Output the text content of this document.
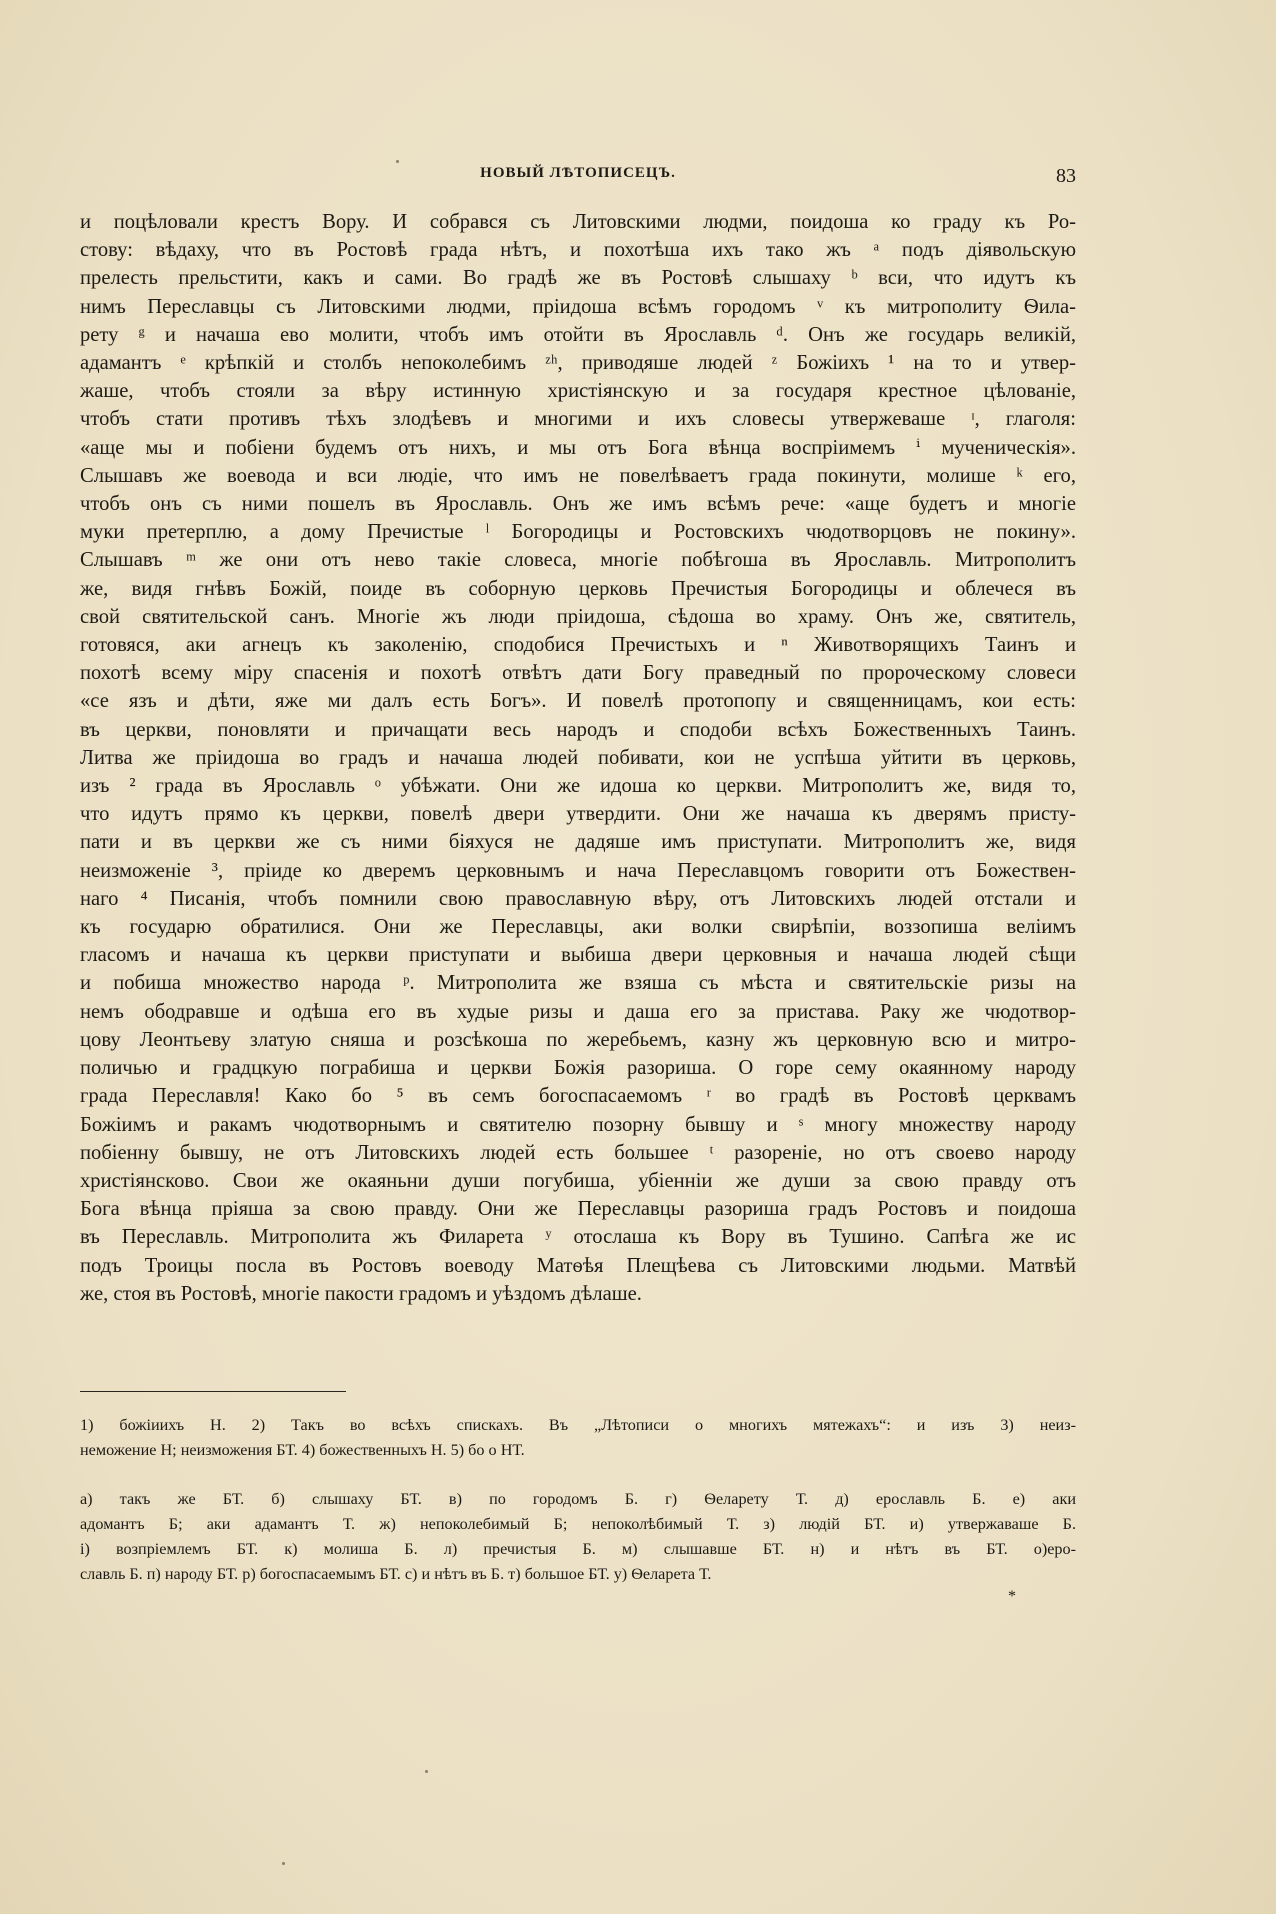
НОВЫЙ ЛѢТОПИСЕЦЪ.	83
и поцѣловали крестъ Вору. И собрався съ Литовскими людми, поидоша ко граду къ Ро-
стову: вѣдаху, что въ Ростовѣ града нѣтъ, и похотѣша ихъ тако жъ ᵃ подъ діявольскую
прелесть прельстити, какъ и сами. Во градѣ же въ Ростовѣ слышаху ᵇ вси, что идутъ къ
нимъ Переславцы съ Литовскими людми, пріидоша всѣмъ городомъ ᵛ къ митрополиту Ѳила-
рету ᵍ и начаша ево молити, чтобъ имъ отойти въ Ярославль ᵈ. Онъ же государь великій,
адамантъ ᵉ крѣпкій и столбъ непоколебимъ ᶻʰ, приводяше людей ᶻ Божіихъ ¹ на то и утвер-
жаше, чтобъ стояли за вѣру истинную христіянскую и за государя крестное цѣлованіе,
чтобъ стати противъ тѣхъ злодѣевъ и многими и ихъ словесы утвержеваше ᶦ, глаголя:
«аще мы и побіени будемъ отъ нихъ, и мы отъ Бога вѣнца воспріимемъ ⁱ мученическія».
Слышавъ же воевода и вси людіе, что имъ не повелѣваетъ града покинути, молише ᵏ его,
чтобъ онъ съ ними пошелъ въ Ярославль. Онъ же имъ всѣмъ рече: «аще будетъ и многіе
муки претерплю, а дому Пречистые ˡ Богородицы и Ростовскихъ чюдотворцовъ не покину».
Слышавъ ᵐ же они отъ нево такіе словеса, многіе побѣгоша въ Ярославль. Митрополитъ
же, видя гнѣвъ Божій, поиде въ соборную церковь Пречистыя Богородицы и облечеся въ
свой святительской санъ. Многіе жъ люди пріидоша, сѣдоша во храму. Онъ же, святитель,
готовяся, аки агнецъ къ заколенію, сподобися Пречистыхъ и ⁿ Животворящихъ Таинъ и
похотѣ всему міру спасенія и похотѣ отвѣтъ дати Богу праведный по пророческому словеси
«се язъ и дѣти, яже ми далъ есть Богъ». И повелѣ протопопу и священницамъ, кои есть:
въ церкви, поновляти и причащати весь народъ и сподоби всѣхъ Божественныхъ Таинъ.
Литва же пріидоша во градъ и начаша людей побивати, кои не успѣша уйтити въ церковь,
изъ ² града въ Ярославль ᵒ убѣжати. Они же идоша ко церкви. Митрополитъ же, видя то,
что идутъ прямо къ церкви, повелѣ двери утвердити. Они же начаша къ дверямъ присту-
пати и въ церкви же съ ними біяхуся не дадяше имъ приступати. Митрополитъ же, видя
неизможеніе ³, пріиде ко дверемъ церковнымъ и нача Переславцомъ говорити отъ Божествен-
наго ⁴ Писанія, чтобъ помнили свою православную вѣру, отъ Литовскихъ людей отстали и
къ государю обратилися. Они же Переславцы, аки волки свирѣпіи, воззопиша веліимъ
гласомъ и начаша къ церкви приступати и выбиша двери церковныя и начаша людей сѣщи
и побиша множество народа ᵖ. Митрополита же взяша съ мѣста и святительскіе ризы на
немъ ободравше и одѣша его въ худые ризы и даша его за пристава. Раку же чюдотвор-
цову Леонтьеву златую сняша и розсѣкоша по жеребьемъ, казну жъ церковную всю и митро-
поличью и градцкую пограбиша и церкви Божія разориша. О горе сему окаянному народу
града Переславля! Како бо ⁵ въ семъ богоспасаемомъ ʳ во градѣ въ Ростовѣ церквамъ
Божіимъ и ракамъ чюдотворнымъ и святителю позорну бывшу и ˢ многу множеству народу
побіенну бывшу, не отъ Литовскихъ людей есть большее ᵗ разореніе, но отъ своево народу
христіянсково. Свои же окаяньни души погубиша, убіенніи же души за свою правду отъ
Бога вѣнца пріяша за свою правду. Они же Переславцы разориша градъ Ростовъ и поидоша
въ Переславль. Митрополита жъ Филарета ʸ отослаша къ Вору въ Тушино. Сапѣга же ис
подъ Троицы посла въ Ростовъ воеводу Матѳѣя Плещѣева съ Литовскими людьми. Матвѣй
же, стоя въ Ростовѣ, многіе пакости градомъ и уѣздомъ дѣлаше.
1) божіиихъ Н. 2) Такъ во всѣхъ спискахъ. Въ „Лѣтописи о многихъ мятежахъ“: и изъ 3) неиз-
неможение Н; неизможения БТ. 4) божественныхъ Н. 5) бо о НТ.
а) такъ же БТ. б) слышаху БТ. в) по городомъ Б. г) Ѳеларету Т. д) ерославль Б. е) аки
адомантъ Б; аки адамантъ Т. ж) непоколебимый Б; непоколѣбимый Т. з) людій БТ. и) утвержаваше Б.
і) возпріемлемъ БТ. к) молиша Б. л) пречистыя Б. м) слышавше БТ. н) и нѣтъ въ БТ. о)еро-
славль Б. п) народу БТ. р) богоспасаемымъ БТ. с) и нѣтъ въ Б. т) большое БТ. у) Ѳеларета Т.
*
